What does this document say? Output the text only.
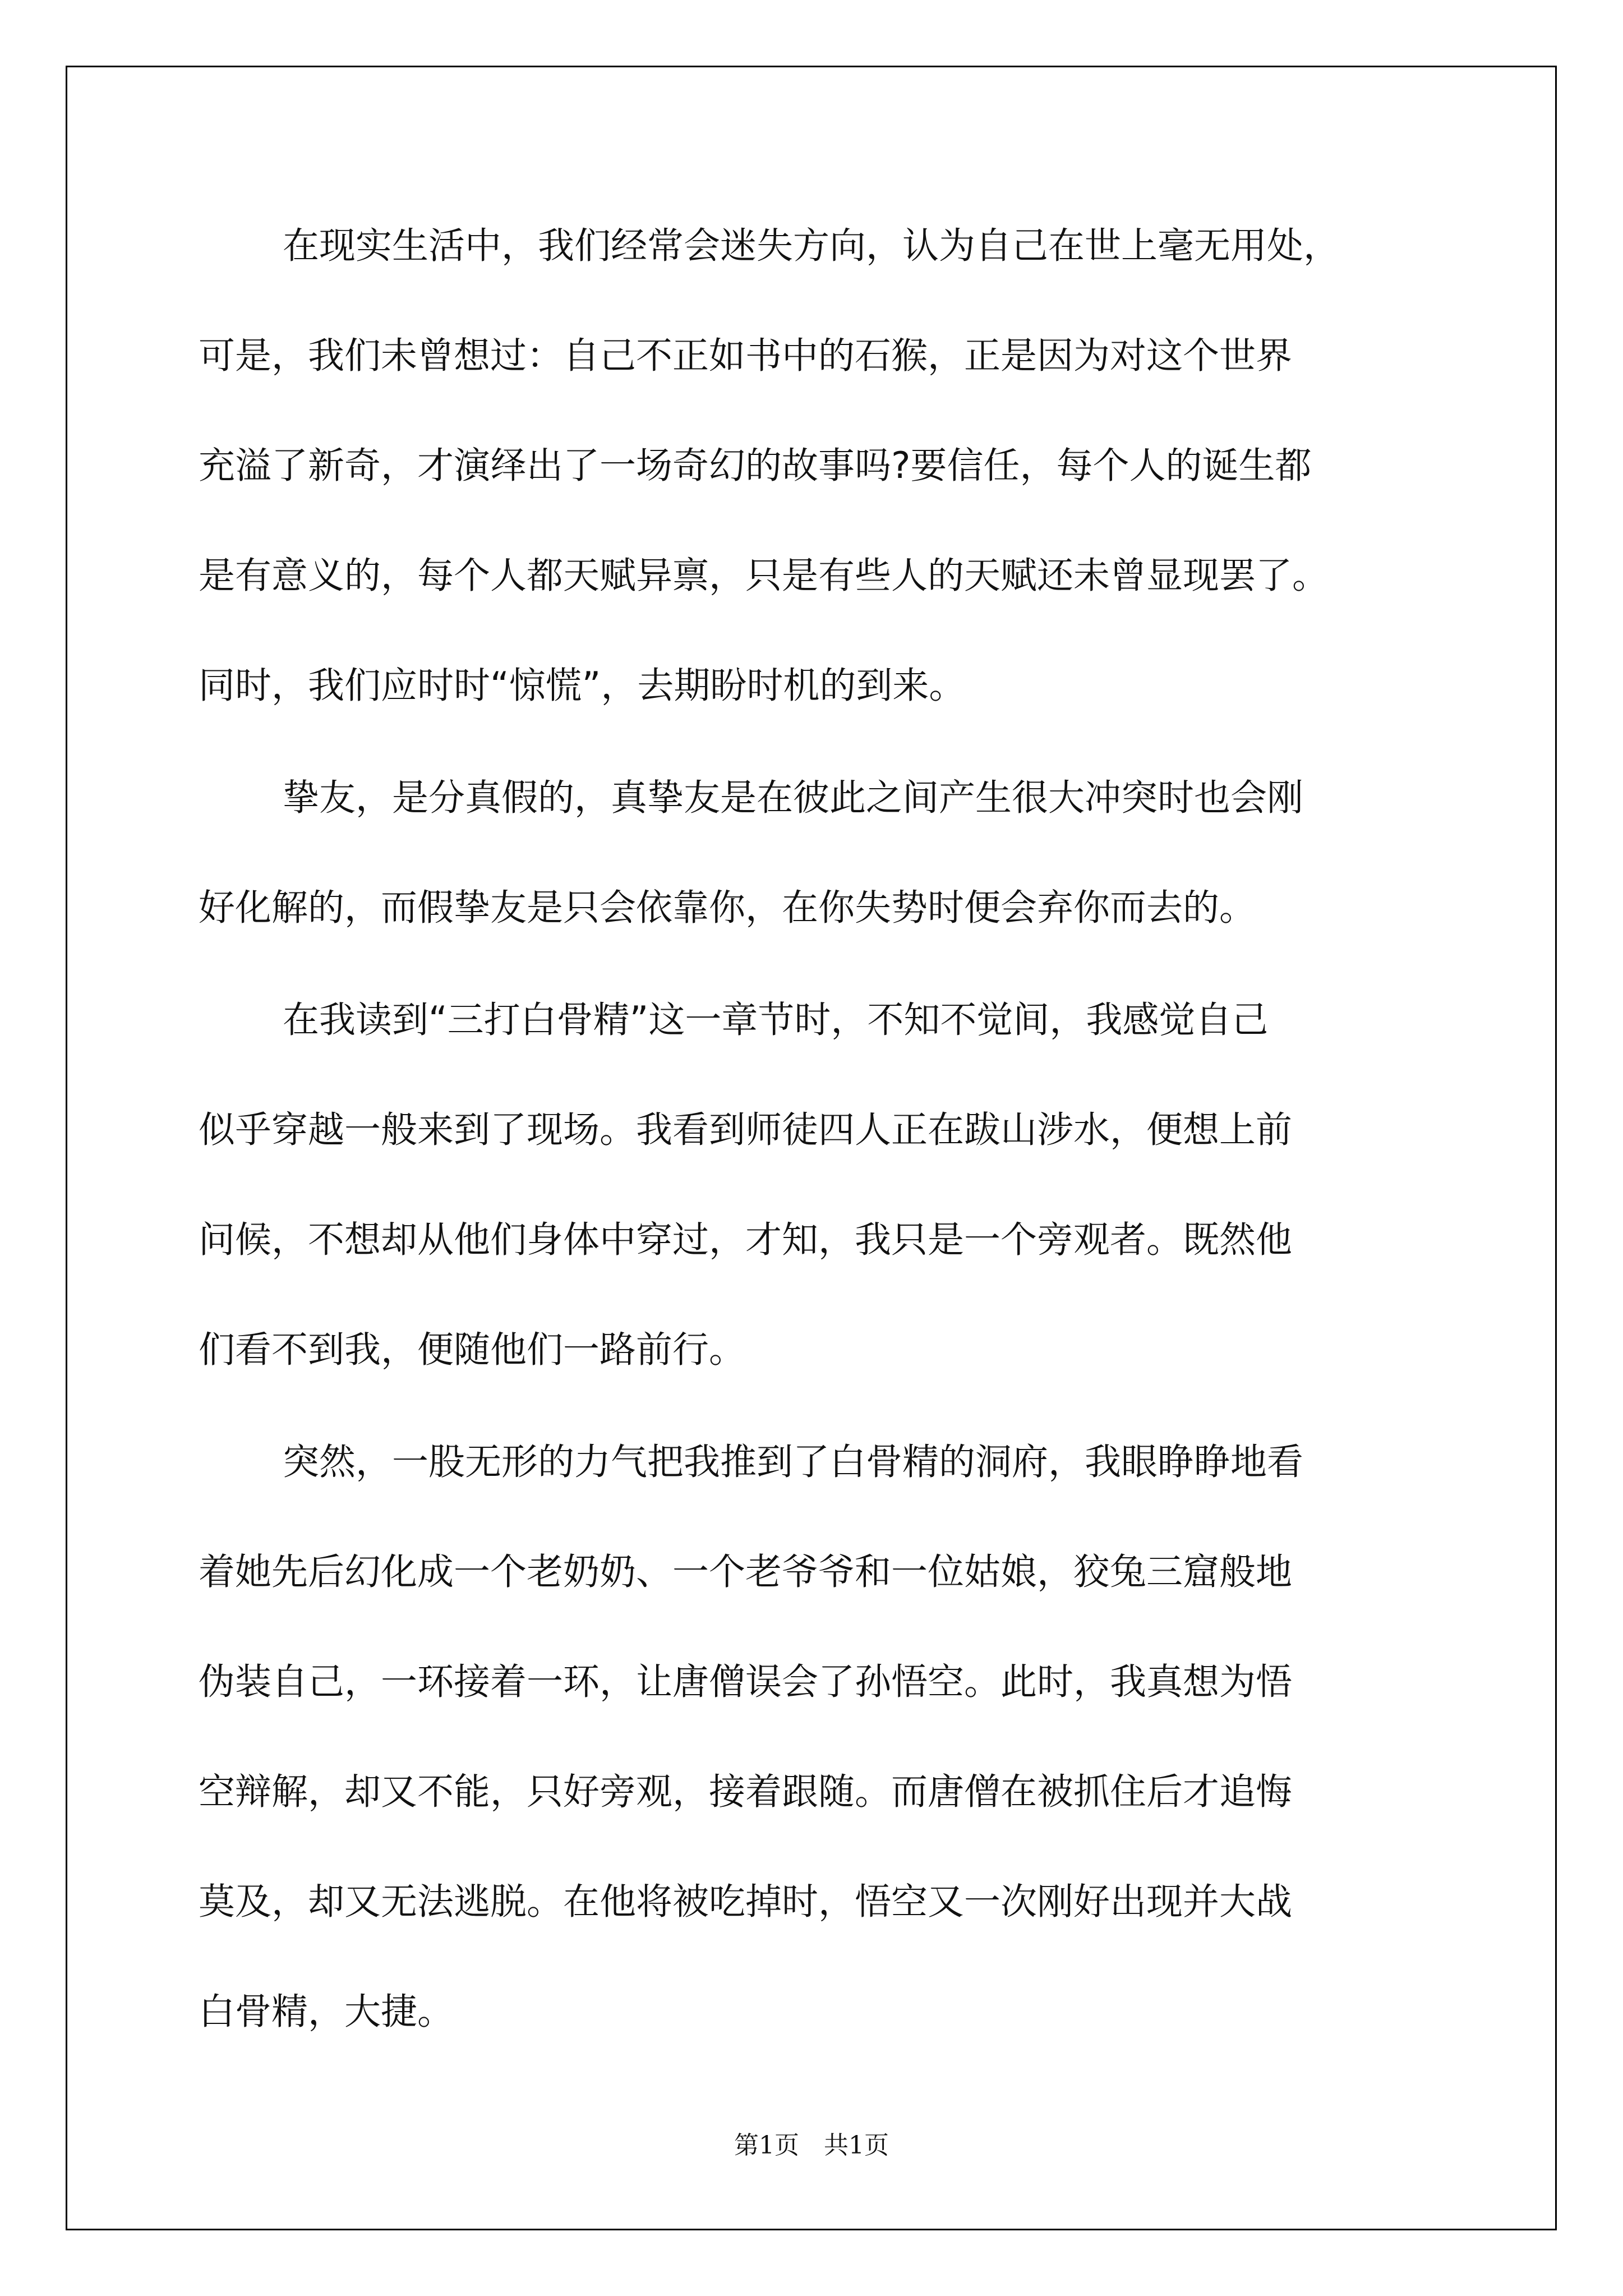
在现实生活中，我们经常会迷失方向，认为自己在世上毫无用处，
可是，我们未曾想过：自己不正如书中的石猴，正是因为对这个世界
充溢了新奇，才演绎出了一场奇幻的故事吗?要信任，每个人的诞生都
是有意义的，每个人都天赋异禀，只是有些人的天赋还未曾显现罢了。
同时，我们应时时“惊慌”，去期盼时机的到来。
挚友，是分真假的，真挚友是在彼此之间产生很大冲突时也会刚
好化解的，而假挚友是只会依靠你，在你失势时便会弃你而去的。
在我读到“三打白骨精”这一章节时，不知不觉间，我感觉自己
似乎穿越一般来到了现场。我看到师徒四人正在跋山涉水，便想上前
问候，不想却从他们身体中穿过，才知，我只是一个旁观者。既然他
们看不到我，便随他们一路前行。
突然，一股无形的力气把我推到了白骨精的洞府，我眼睁睁地看
着她先后幻化成一个老奶奶、一个老爷爷和一位姑娘，狡兔三窟般地
伪装自己，一环接着一环，让唐僧误会了孙悟空。此时，我真想为悟
空辩解，却又不能，只好旁观，接着跟随。而唐僧在被抓住后才追悔
莫及，却又无法逃脱。在他将被吃掉时，悟空又一次刚好出现并大战
白骨精，大捷。
第1页　共1页
